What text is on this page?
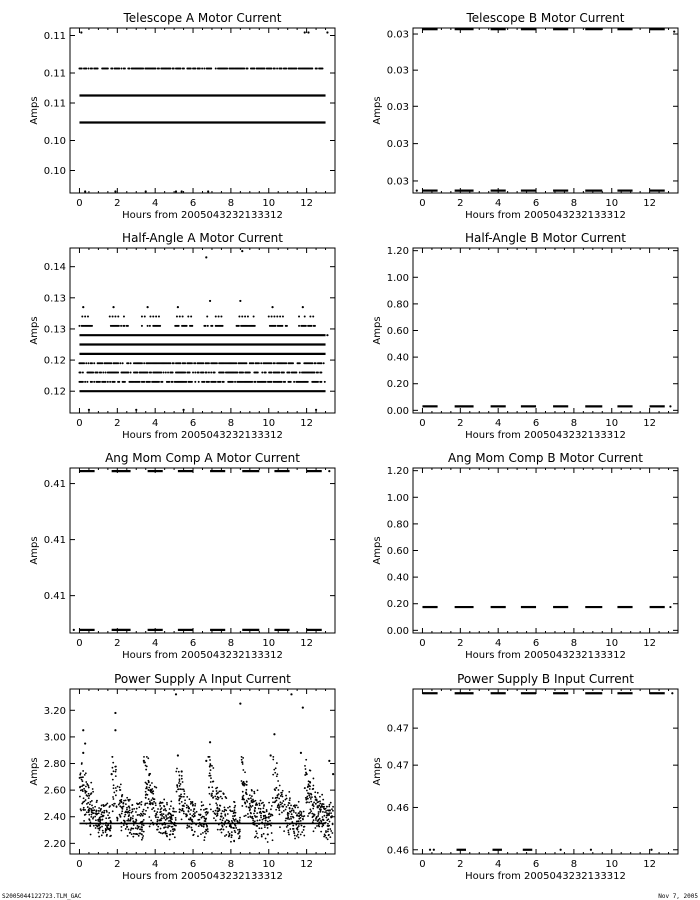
Telescope A Motor Current
0	2	4	6	8	10	12
0.10
0.10
0.11
0.11
0.11
Hours from 2005043232133312
Amps
Telescope B Motor Current
0	2	4	6	8	10	12
0.03
0.03
0.03
0.03
0.03
Hours from 2005043232133312
Amps
Half-Angle A Motor Current
0	2	4	6	8	10	12
0.12
0.12
0.13
0.13
0.14
Hours from 2005043232133312
Amps
Half-Angle B Motor Current
0	2	4	6	8	10	12
0.00
0.20
0.40
0.60
0.80
1.00
1.20
Hours from 2005043232133312
Amps
Ang Mom Comp A Motor Current
0	2	4	6	8	10	12
0.41
0.41
0.41
Hours from 2005043232133312
Amps
Ang Mom Comp B Motor Current
0	2	4	6	8	10	12
0.00
0.20
0.40
0.60
0.80
1.00
1.20
Hours from 2005043232133312
Amps
Power Supply A Input Current
0	2	4	6	8	10	12
2.20
2.40
2.60
2.80
3.00
3.20
Hours from 2005043232133312
Amps
Power Supply B Input Current
0	2	4	6	8	10	12
0.46
0.46
0.47
0.47
Hours from 2005043232133312
Amps
S2005044122723.TLM_GAC	Nov 7, 2005
